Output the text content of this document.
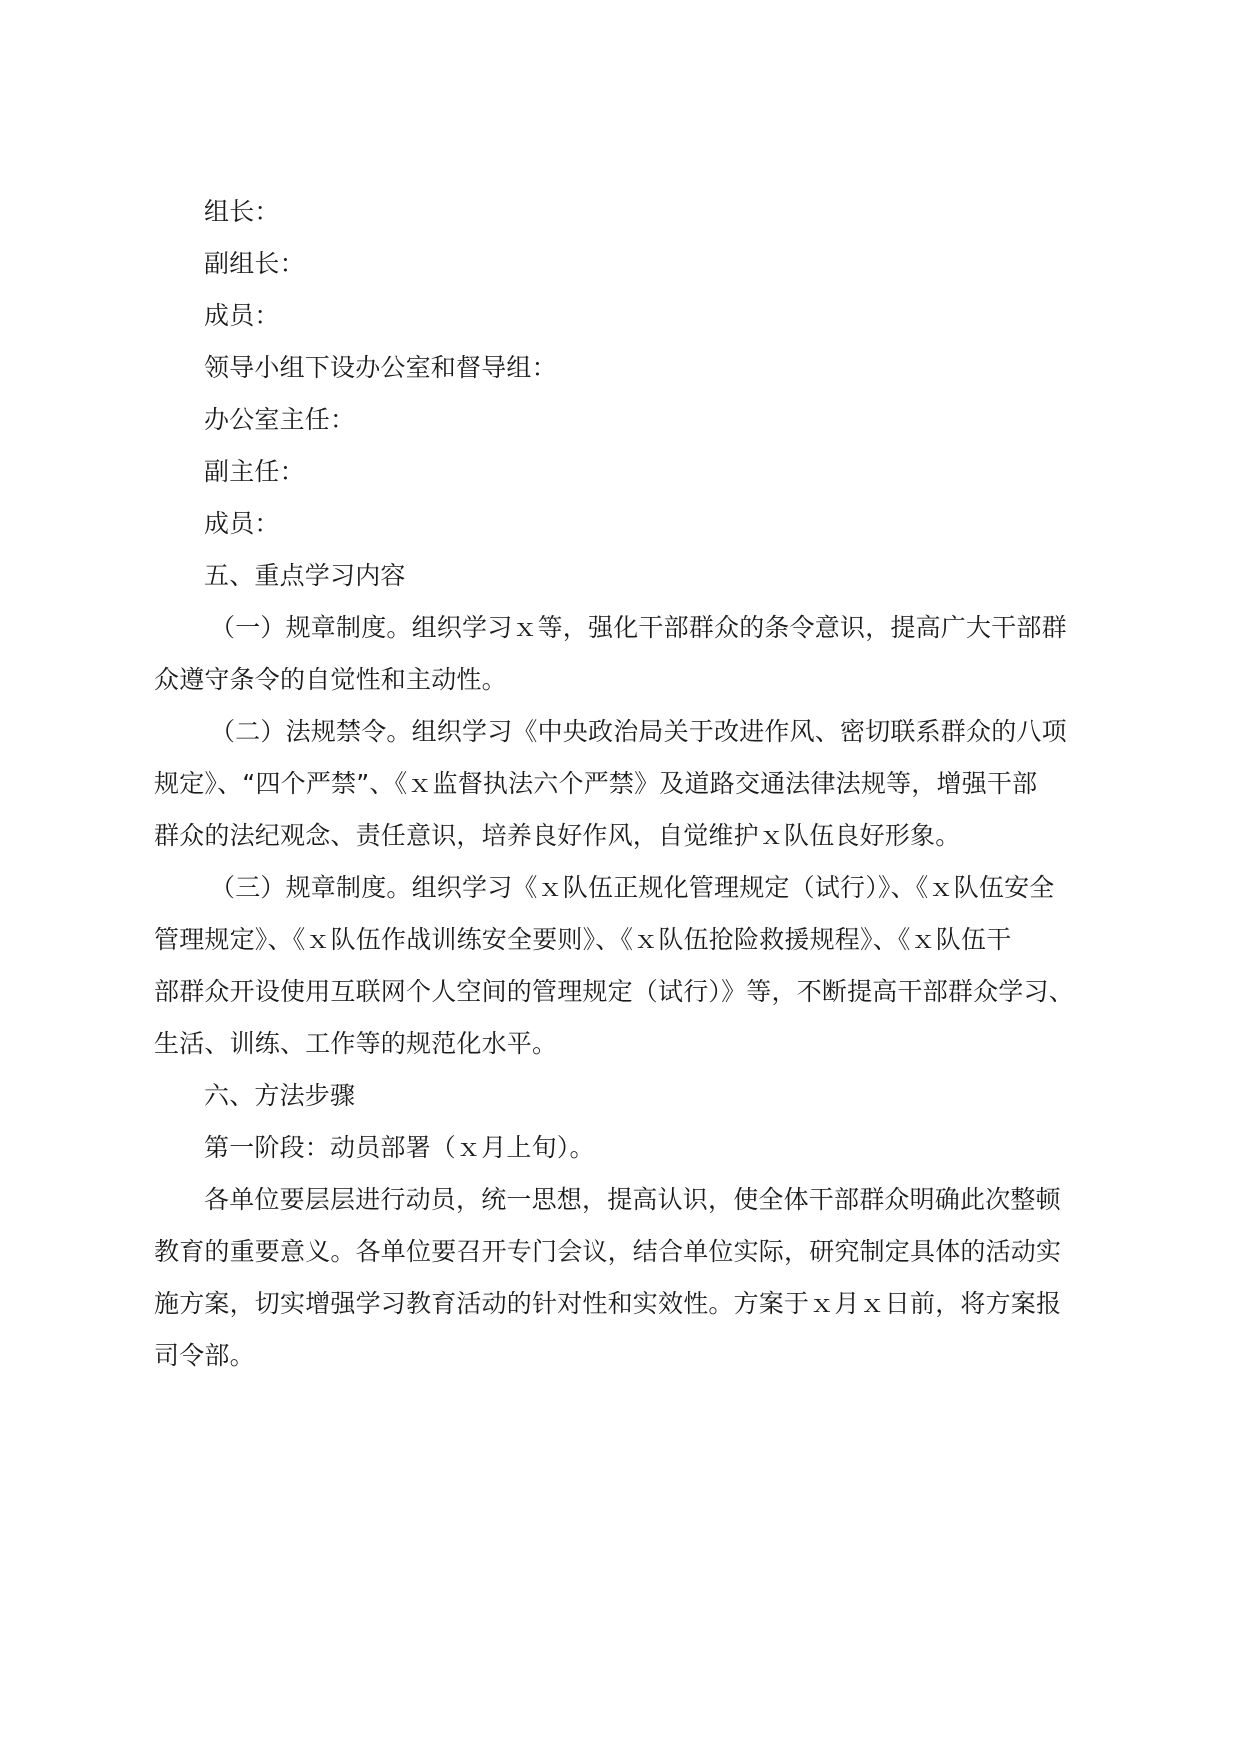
组长：
副组长：
成员：
领导小组下设办公室和督导组：
办公室主任：
副主任：
成员：
五、重点学习内容
（一）规章制度。组织学习ｘ等，强化干部群众的条令意识，提高广大干部群
众遵守条令的自觉性和主动性。
（二）法规禁令。组织学习《中央政治局关于改进作风、密切联系群众的八项
规定》、“四个严禁”、《ｘ监督执法六个严禁》及道路交通法律法规等，增强干部
群众的法纪观念、责任意识，培养良好作风，自觉维护ｘ队伍良好形象。
（三）规章制度。组织学习《ｘ队伍正规化管理规定（试行）》、《ｘ队伍安全
管理规定》、《ｘ队伍作战训练安全要则》、《ｘ队伍抢险救援规程》、《ｘ队伍干
部群众开设使用互联网个人空间的管理规定（试行）》等，不断提高干部群众学习、
生活、训练、工作等的规范化水平。
六、方法步骤
第一阶段：动员部署（ｘ月上旬）。
各单位要层层进行动员，统一思想，提高认识，使全体干部群众明确此次整顿
教育的重要意义。各单位要召开专门会议，结合单位实际，研究制定具体的活动实
施方案，切实增强学习教育活动的针对性和实效性。方案于ｘ月ｘ日前，将方案报
司令部。
